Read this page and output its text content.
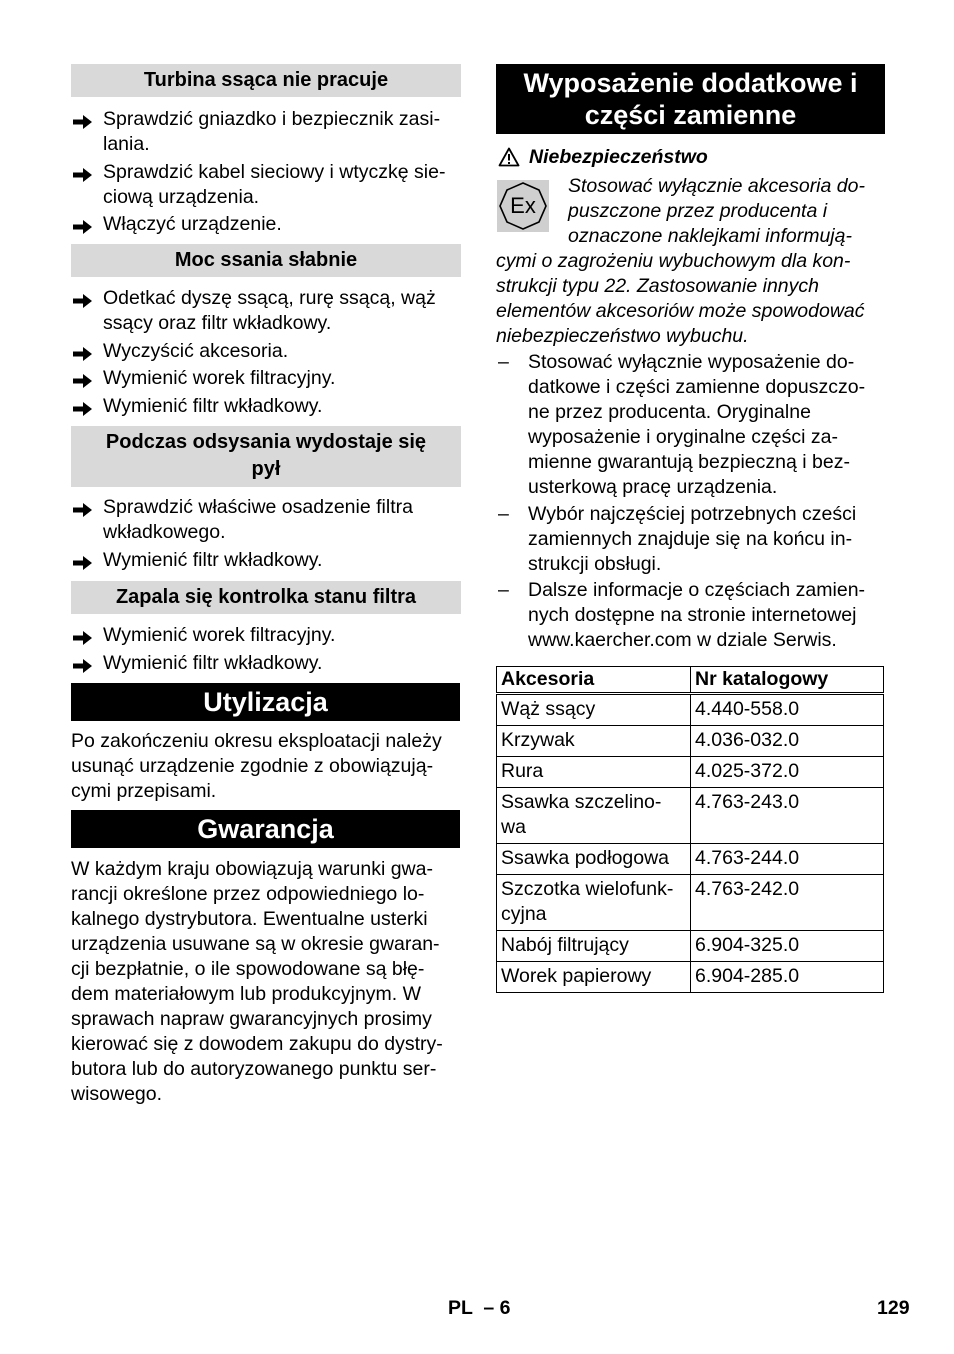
Turbina ssąca nie pracuje
Sprawdzić gniazdko i bezpiecznik zasi-
lania.
Sprawdzić kabel sieciowy i wtyczkę sie-
ciową urządzenia.
Włączyć urządzenie.
Moc ssania słabnie
Odetkać dyszę ssącą, rurę ssącą, wąż
ssący oraz filtr wkładkowy.
Wyczyścić akcesoria.
Wymienić worek filtracyjny.
Wymienić filtr wkładkowy.
Podczas odsysania wydostaje się
pył
Sprawdzić właściwe osadzenie filtra
wkładkowego.
Wymienić filtr wkładkowy.
Zapala się kontrolka stanu filtra
Wymienić worek filtracyjny.
Wymienić filtr wkładkowy.
Utylizacja
Po zakończeniu okresu eksploatacji należy
usunąć urządzenie zgodnie z obowiązują-
cymi przepisami.
Gwarancja
W każdym kraju obowiązują warunki gwa-
rancji określone przez odpowiedniego lo-
kalnego dystrybutora. Ewentualne usterki
urządzenia usuwane są w okresie gwaran-
cji bezpłatnie, o ile spowodowane są błę-
dem materiałowym lub produkcyjnym. W
sprawach napraw gwarancyjnych prosimy
kierować się z dowodem zakupu do dystry-
butora lub do autoryzowanego punktu ser-
wisowego.
Wyposażenie dodatkowe i
części zamienne
Niebezpieczeństwo
Ex
Stosować wyłącznie akcesoria do-
puszczone przez producenta i
oznaczone naklejkami informują-
cymi o zagrożeniu wybuchowym dla kon-
strukcji typu 22. Zastosowanie innych
elementów akcesoriów może spowodować
niebezpieczeństwo wybuchu.
– Stosować wyłącznie wyposażenie do-
datkowe i części zamienne dopuszczo-
ne przez producenta. Oryginalne
wyposażenie i oryginalne części za-
mienne gwarantują bezpieczną i bez-
usterkową pracę urządzenia.
– Wybór najczęściej potrzebnych cześci
zamiennych znajduje się na końcu in-
strukcji obsługi.
– Dalsze informacje o częściach zamien-
nych dostępne na stronie internetowej
www.kaercher.com w dziale Serwis.
Akcesoria	Nr katalogowy

Wąż ssący	4.440-558.0

Krzywak	4.036-032.0

Rura	4.025-372.0

Ssawka szczelino-
wa	4.763-243.0

Ssawka podłogowa	4.763-244.0

Szczotka wielofunk-
cyjna	4.763-242.0

Nabój filtrujący	6.904-325.0

Worek papierowy	6.904-285.0
PL  – 6	129
